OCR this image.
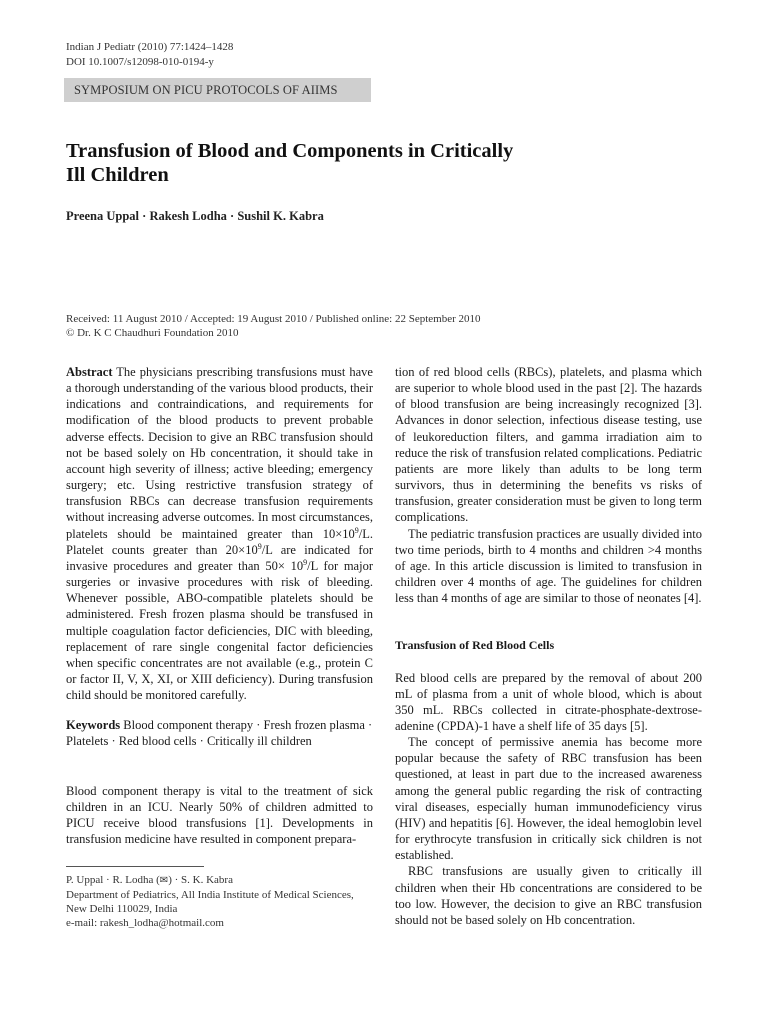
Indian J Pediatr (2010) 77:1424–1428
DOI 10.1007/s12098-010-0194-y
SYMPOSIUM ON PICU PROTOCOLS OF AIIMS
Transfusion of Blood and Components in Critically
Ill Children
Preena Uppal · Rakesh Lodha · Sushil K. Kabra
Received: 11 August 2010 / Accepted: 19 August 2010 / Published online: 22 September 2010
© Dr. K C Chaudhuri Foundation 2010

Abstract The physicians prescribing transfusions must have a thorough understanding of the various blood products, their indications and contraindications, and requirements for modification of the blood products to prevent probable adverse effects. Decision to give an RBC transfusion should not be based solely on Hb concentration, it should take in account high severity of illness; active bleeding; emergency surgery; etc. Using restrictive transfusion strategy of transfusion RBCs can decrease transfusion requirements without increasing adverse outcomes. In most circumstances, platelets should be maintained greater than $10\times 10^9/L$. Platelet counts greater than $20\times 10^9/L$ are indicated for invasive procedures and greater than $50\times 10^9/L$ for major surgeries or invasive procedures with risk of bleeding. Whenever possible, ABO-compatible platelets should be administered. Fresh frozen plasma should be transfused in multiple coagulation factor deficiencies, DIC with bleeding, replacement of rare single congenital factor deficiencies when specific concentrates are not available (e.g., protein C or factor II, V, X, XI, or XIII deficiency). During transfusion child should be monitored carefully.

Keywords Blood component therapy · Fresh frozen plasma · Platelets · Red blood cells · Critically ill children

Blood component therapy is vital to the treatment of sick children in an ICU. Nearly 50% of children admitted to PICU receive blood transfusions [1]. Developments in transfusion medicine have resulted in component prepara-

tion of red blood cells (RBCs), platelets, and plasma which are superior to whole blood used in the past [2]. The hazards of blood transfusion are being increasingly recognized [3]. Advances in donor selection, infectious disease testing, use of leukoreduction filters, and gamma irradiation aim to reduce the risk of transfusion related complications. Pediatric patients are more likely than adults to be long term survivors, thus in determining the benefits vs risks of transfusion, greater consideration must be given to long term complications.

The pediatric transfusion practices are usually divided into two time periods, birth to 4 months and children >4 months of age. In this article discussion is limited to transfusion in children over 4 months of age. The guidelines for children less than 4 months of age are similar to those of neonates [4].

Transfusion of Red Blood Cells

Red blood cells are prepared by the removal of about 200 mL of plasma from a unit of whole blood, which is about 350 mL. RBCs collected in citrate-phosphate-dextrose-adenine (CPDA)-1 have a shelf life of 35 days [5].

The concept of permissive anemia has become more popular because the safety of RBC transfusion has been questioned, at least in part due to the increased awareness among the general public regarding the risk of contracting viral diseases, especially human immunodeficiency virus (HIV) and hepatitis [6]. However, the ideal hemoglobin level for erythrocyte transfusion in critically sick children is not established.

RBC transfusions are usually given to critically ill children when their Hb concentrations are considered to be too low. However, the decision to give an RBC transfusion should not be based solely on Hb concentration.

P. Uppal · R. Lodha (✉) · S. K. Kabra
Department of Pediatrics, All India Institute of Medical Sciences,
New Delhi 110029, India
e-mail: rakesh_lodha@hotmail.com
